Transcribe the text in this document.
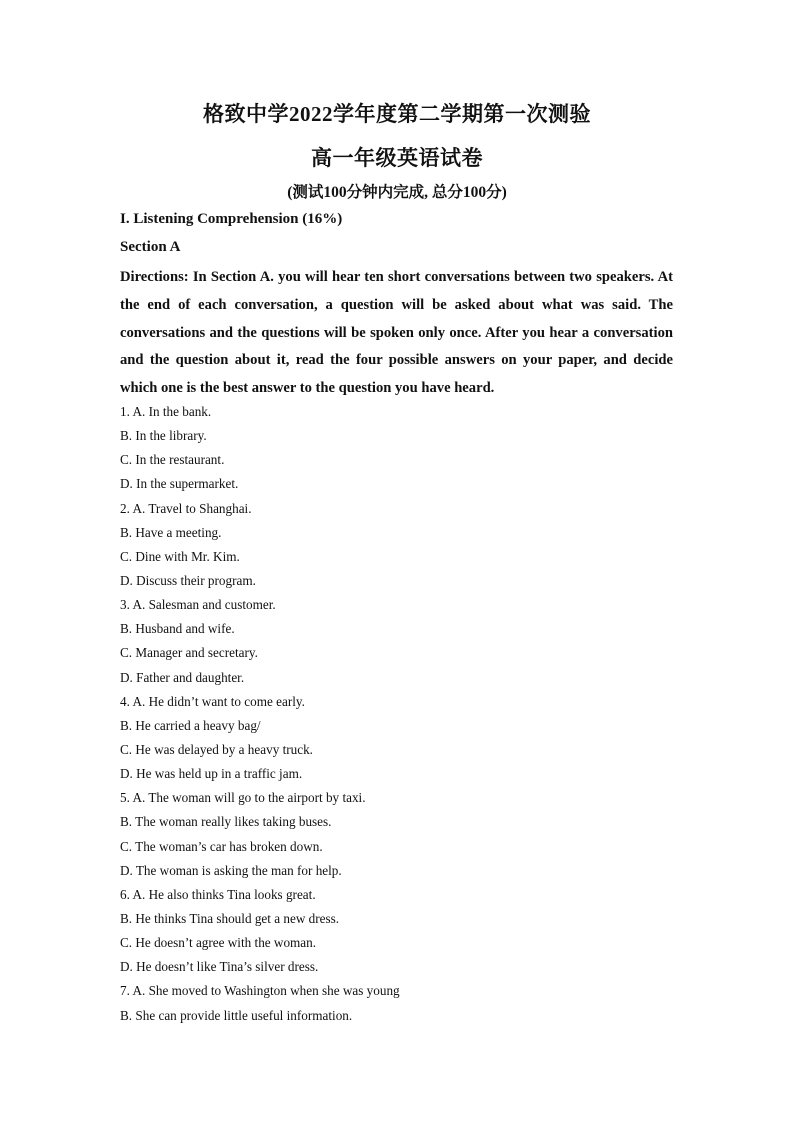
格致中学2022学年度第二学期第一次测验
高一年级英语试卷
(测试100分钟内完成, 总分100分)
I. Listening Comprehension (16%)
Section A

Directions: In Section A. you will hear ten short conversations between two speakers. At the end of each conversation, a question will be asked about what was said. The conversations and the questions will be spoken only once. After you hear a conversation and the question about it, read the four possible answers on your paper, and decide which one is the best answer to the question you have heard.

1. A. In the bank.
B. In the library.
C. In the restaurant.
D. In the supermarket.
2. A. Travel to Shanghai.
B. Have a meeting.
C. Dine with Mr. Kim.
D. Discuss their program.
3. A. Salesman and customer.
B. Husband and wife.
C. Manager and secretary.
D. Father and daughter.
4. A. He didn’t want to come early.
B. He carried a heavy bag/
C. He was delayed by a heavy truck.
D. He was held up in a traffic jam.
5. A. The woman will go to the airport by taxi.
B. The woman really likes taking buses.
C. The woman’s car has broken down.
D. The woman is asking the man for help.
6. A. He also thinks Tina looks great.
B. He thinks Tina should get a new dress.
C. He doesn’t agree with the woman.
D. He doesn’t like Tina’s silver dress.
7. A. She moved to Washington when she was young
B. She can provide little useful information.
